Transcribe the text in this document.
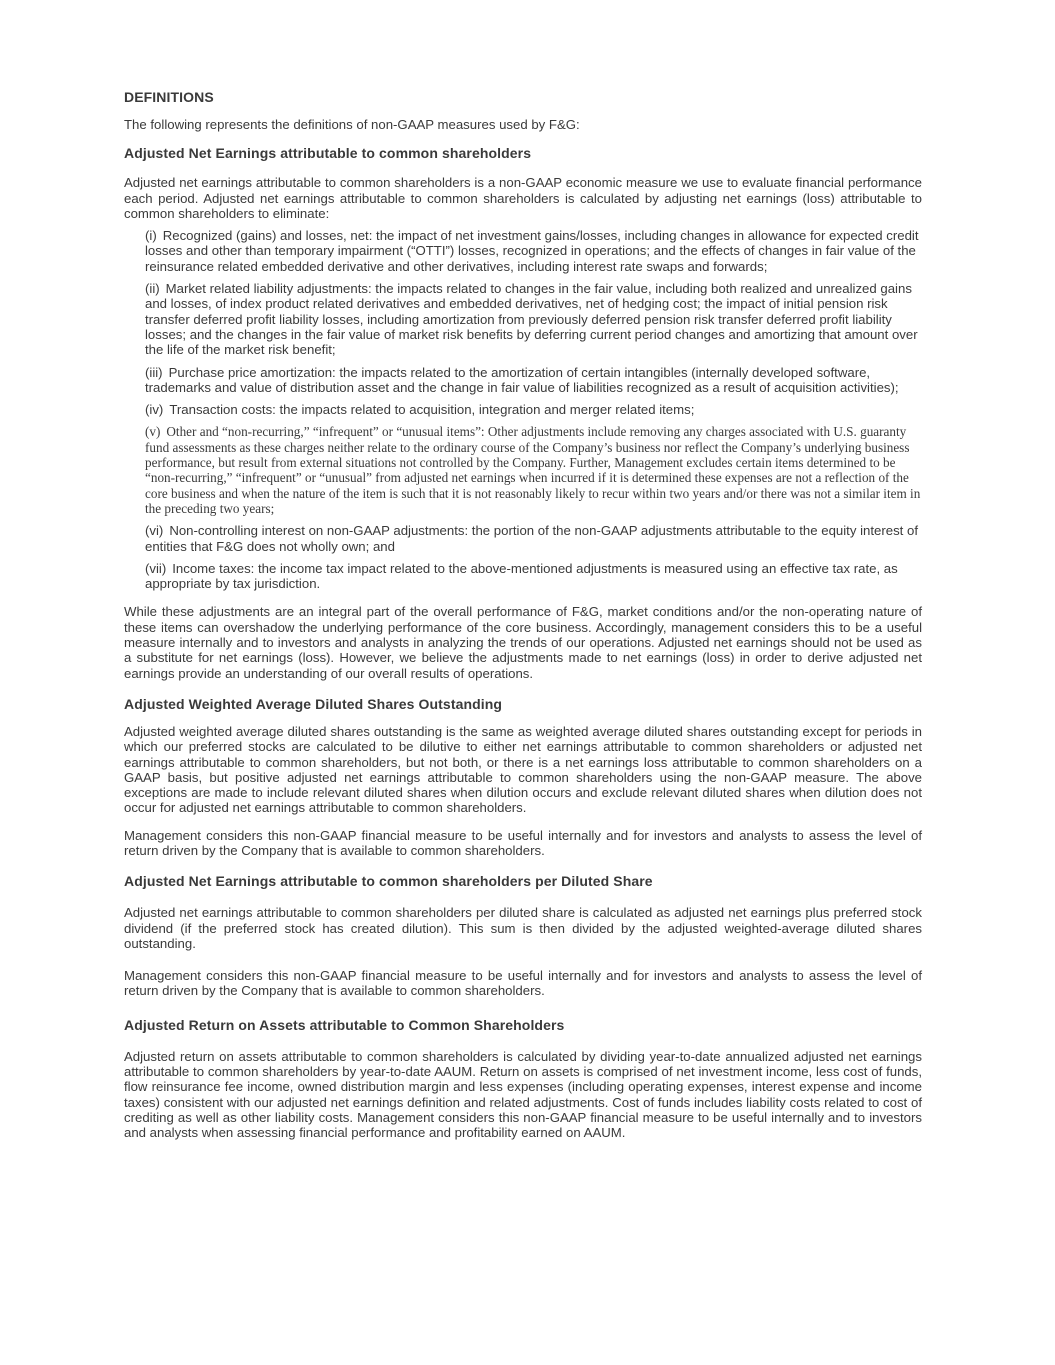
DEFINITIONS

The following represents the definitions of non-GAAP measures used by F&G:

Adjusted Net Earnings attributable to common shareholders

Adjusted net earnings attributable to common shareholders is a non-GAAP economic measure we use to evaluate financial performance each period. Adjusted net earnings attributable to common shareholders is calculated by adjusting net earnings (loss) attributable to common shareholders to eliminate:

(i) Recognized (gains) and losses, net: the impact of net investment gains/losses, including changes in allowance for expected credit losses and other than temporary impairment (“OTTI”) losses, recognized in operations; and the effects of changes in fair value of the reinsurance related embedded derivative and other derivatives, including interest rate swaps and forwards;
(ii) Market related liability adjustments: the impacts related to changes in the fair value, including both realized and unrealized gains and losses, of index product related derivatives and embedded derivatives, net of hedging cost; the impact of initial pension risk transfer deferred profit liability losses, including amortization from previously deferred pension risk transfer deferred profit liability losses; and the changes in the fair value of market risk benefits by deferring current period changes and amortizing that amount over the life of the market risk benefit;
(iii) Purchase price amortization: the impacts related to the amortization of certain intangibles (internally developed software, trademarks and value of distribution asset and the change in fair value of liabilities recognized as a result of acquisition activities);
(iv) Transaction costs: the impacts related to acquisition, integration and merger related items;
(v) Other and “non-recurring,” “infrequent” or “unusual items”: Other adjustments include removing any charges associated with U.S. guaranty fund assessments as these charges neither relate to the ordinary course of the Company’s business nor reflect the Company’s underlying business performance, but result from external situations not controlled by the Company. Further, Management excludes certain items determined to be “non-recurring,” “infrequent” or “unusual” from adjusted net earnings when incurred if it is determined these expenses are not a reflection of the core business and when the nature of the item is such that it is not reasonably likely to recur within two years and/or there was not a similar item in the preceding two years;
(vi) Non-controlling interest on non-GAAP adjustments: the portion of the non-GAAP adjustments attributable to the equity interest of entities that F&G does not wholly own; and
(vii) Income taxes: the income tax impact related to the above-mentioned adjustments is measured using an effective tax rate, as appropriate by tax jurisdiction.

While these adjustments are an integral part of the overall performance of F&G, market conditions and/or the non-operating nature of these items can overshadow the underlying performance of the core business. Accordingly, management considers this to be a useful measure internally and to investors and analysts in analyzing the trends of our operations. Adjusted net earnings should not be used as a substitute for net earnings (loss). However, we believe the adjustments made to net earnings (loss) in order to derive adjusted net earnings provide an understanding of our overall results of operations.

Adjusted Weighted Average Diluted Shares Outstanding

Adjusted weighted average diluted shares outstanding is the same as weighted average diluted shares outstanding except for periods in which our preferred stocks are calculated to be dilutive to either net earnings attributable to common shareholders or adjusted net earnings attributable to common shareholders, but not both, or there is a net earnings loss attributable to common shareholders on a GAAP basis, but positive adjusted net earnings attributable to common shareholders using the non-GAAP measure. The above exceptions are made to include relevant diluted shares when dilution occurs and exclude relevant diluted shares when dilution does not occur for adjusted net earnings attributable to common shareholders.

Management considers this non-GAAP financial measure to be useful internally and for investors and analysts to assess the level of return driven by the Company that is available to common shareholders.

Adjusted Net Earnings attributable to common shareholders per Diluted Share

Adjusted net earnings attributable to common shareholders per diluted share is calculated as adjusted net earnings plus preferred stock dividend (if the preferred stock has created dilution). This sum is then divided by the adjusted weighted-average diluted shares outstanding.

Management considers this non-GAAP financial measure to be useful internally and for investors and analysts to assess the level of return driven by the Company that is available to common shareholders.

Adjusted Return on Assets attributable to Common Shareholders

Adjusted return on assets attributable to common shareholders is calculated by dividing year-to-date annualized adjusted net earnings attributable to common shareholders by year-to-date AAUM. Return on assets is comprised of net investment income, less cost of funds, flow reinsurance fee income, owned distribution margin and less expenses (including operating expenses, interest expense and income taxes) consistent with our adjusted net earnings definition and related adjustments. Cost of funds includes liability costs related to cost of crediting as well as other liability costs. Management considers this non-GAAP financial measure to be useful internally and to investors and analysts when assessing financial performance and profitability earned on AAUM.
